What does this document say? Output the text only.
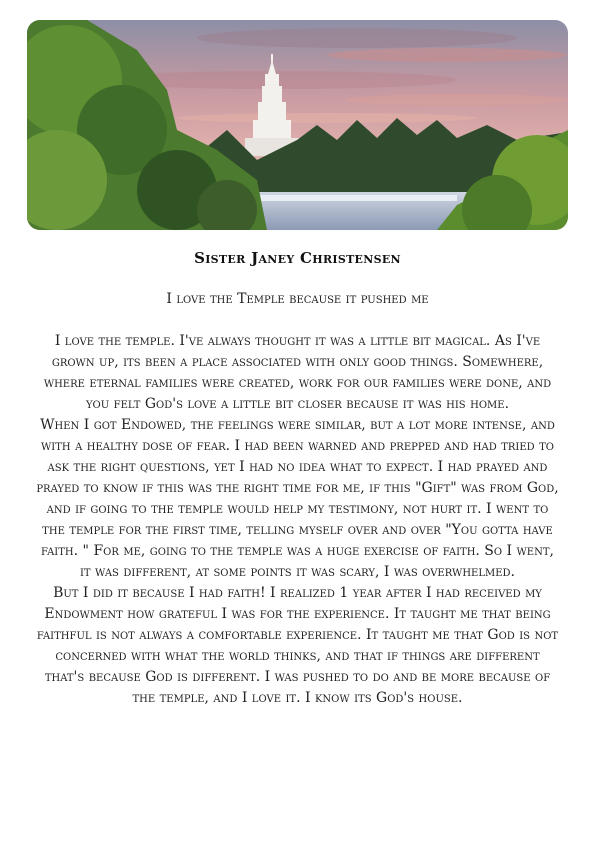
Sister Janey Christensen
I love the Temple because it pushed me

I love the temple. I've always thought it was a little bit magical. As I've grown up, its been a place associated with only good things. Somewhere, where eternal families were created, work for our families were done, and you felt God's love a little bit closer because it was his home.

When I got Endowed, the feelings were similar, but a lot more intense, and with a healthy dose of fear. I had been warned and prepped and had tried to ask the right questions, yet I had no idea what to expect. I had prayed and prayed to know if this was the right time for me, if this "Gift" was from God, and if going to the temple would help my testimony, not hurt it. I went to the temple for the first time, telling myself over and over "You gotta have faith. " For me, going to the temple was a huge exercise of faith. So I went, it was different, at some points it was scary, I was overwhelmed.

But I did it because I had faith! I realized 1 year after I had received my Endowment how grateful I was for the experience. It taught me that being faithful is not always a comfortable experience. It taught me that God is not concerned with what the world thinks, and that if things are different that's because God is different. I was pushed to do and be more because of the temple, and I love it. I know its God's house.
